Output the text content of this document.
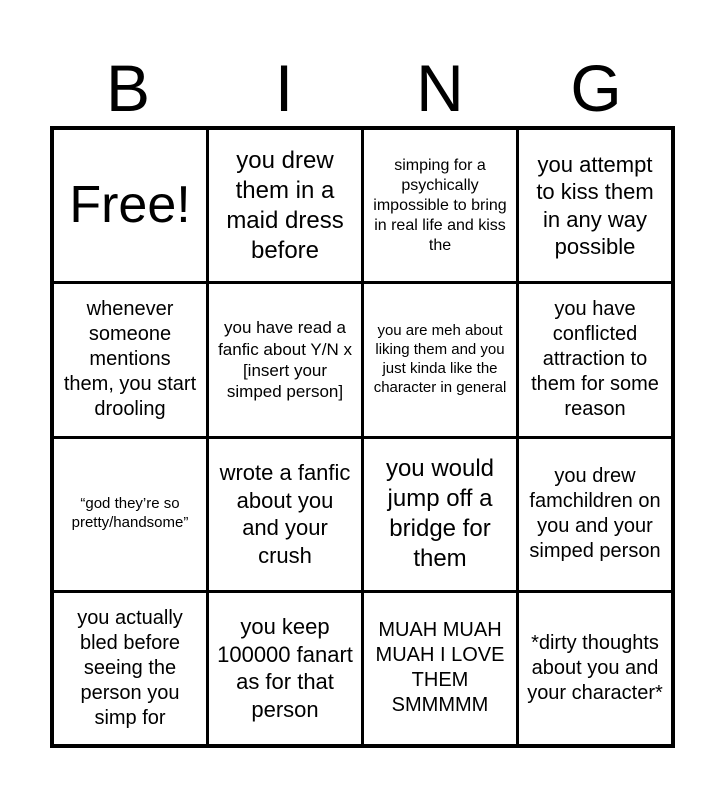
B	I	N	G
Free!
you drew them in a maid dress before
simping for a psychically impossible to bring in real life and kiss the
you attempt to kiss them in any way possible
whenever someone mentions them, you start drooling
you have read a fanfic about Y/N x [insert your simped person]
you are meh about liking them and you just kinda like the character in general
you have conflicted attraction to them for some reason
“god they’re so pretty/handsome”
wrote a fanfic about you and your crush
you would jump off a bridge for them
you drew famchildren on you and your simped person
you actually bled before seeing the person you simp for
you keep 100000 fanart as for that person
MUAH MUAH MUAH I LOVE THEM SMMMMM
*dirty thoughts about you and your character*
